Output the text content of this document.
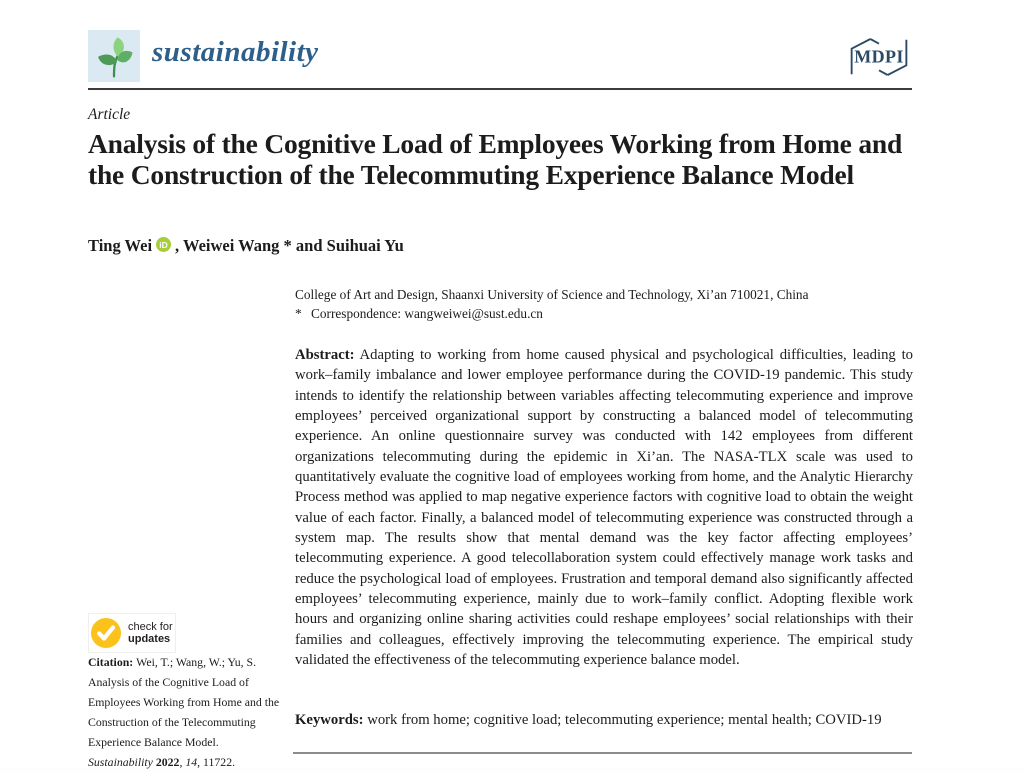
sustainability	MDPI
Article
Analysis of the Cognitive Load of Employees Working from Home and the Construction of the Telecommuting Experience Balance Model
Ting Wei iD , Weiwei Wang * and Suihuai Yu
check for
updates
Citation: Wei, T.; Wang, W.; Yu, S. Analysis of the Cognitive Load of Employees Working from Home and the Construction of the Telecommuting Experience Balance Model. Sustainability 2022, 14, 11722.
College of Art and Design, Shaanxi University of Science and Technology, Xi’an 710021, China
* Correspondence: wangweiwei@sust.edu.cn

Abstract: Adapting to working from home caused physical and psychological difficulties, leading to work–family imbalance and lower employee performance during the COVID-19 pandemic. This study intends to identify the relationship between variables affecting telecommuting experience and improve employees’ perceived organizational support by constructing a balanced model of telecommuting experience. An online questionnaire survey was conducted with 142 employees from different organizations telecommuting during the epidemic in Xi’an. The NASA-TLX scale was used to quantitatively evaluate the cognitive load of employees working from home, and the Analytic Hierarchy Process method was applied to map negative experience factors with cognitive load to obtain the weight value of each factor. Finally, a balanced model of telecommuting experience was constructed through a system map. The results show that mental demand was the key factor affecting employees’ telecommuting experience. A good telecollaboration system could effectively manage work tasks and reduce the psychological load of employees. Frustration and temporal demand also significantly affected employees’ telecommuting experience, mainly due to work–family conflict. Adopting flexible work hours and organizing online sharing activities could reshape employees’ social relationships with their families and colleagues, effectively improving the telecommuting experience. The empirical study validated the effectiveness of the telecommuting experience balance model.

Keywords: work from home; cognitive load; telecommuting experience; mental health; COVID-19
